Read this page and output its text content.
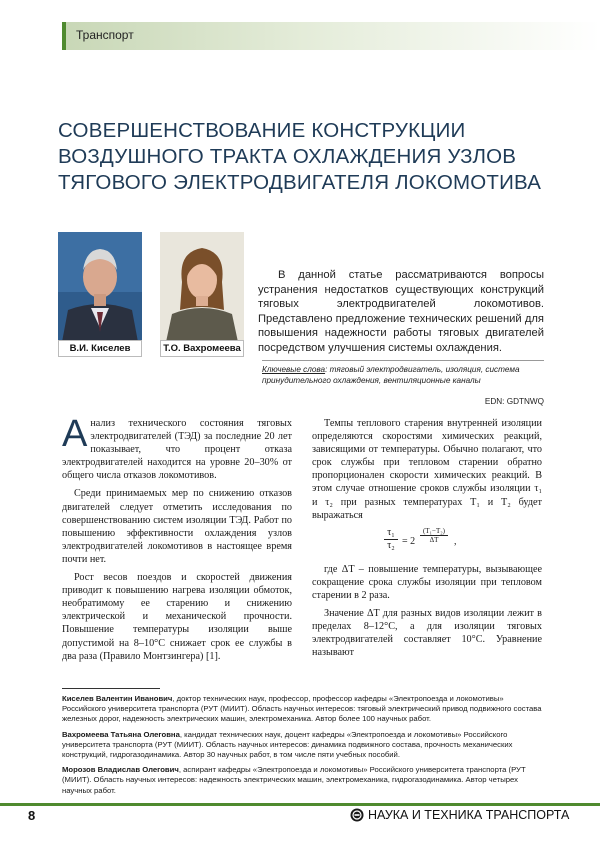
Транспорт
СОВЕРШЕНСТВОВАНИЕ КОНСТРУКЦИИ ВОЗДУШНОГО ТРАКТА ОХЛАЖДЕНИЯ УЗЛОВ ТЯГОВОГО ЭЛЕКТРОДВИГАТЕЛЯ ЛОКОМОТИВА
В.И. Киселев	Т.О. Вахромеева
В данной статье рассматриваются вопросы устранения недостатков существующих конструкций тяговых электродвигателей локомотивов. Представлено предложение технических решений для повышения надежности работы тяговых двигателей посредством улучшения системы охлаждения.
Ключевые слова: тяговый электродвигатель, изоляция, система принудительного охлаждения, вентиляционные каналы
EDN: GDTNWQ

Анализ технического состояния тяговых электродвигателей (ТЭД) за последние 20 лет показывает, что процент отказа электродвигателей находится на уровне 20–30% от общего числа отказов локомотивов.

Среди принимаемых мер по снижению отказов двигателей следует отметить исследования по совершенствованию систем изоляции ТЭД. Работ по повышению эффективности охлаждения узлов электродвигателей локомотивов в настоящее время почти нет.

Рост весов поездов и скоростей движения приводит к повышению нагрева изоляции обмоток, необратимому ее старению и снижению электрической и механической прочности. Повышение температуры изоляции выше допустимой на 8–10°С снижает срок ее службы в два раза (Правило Монтзингера) [1].

Темпы теплового старения внутренней изоляции определяются скоростями химических реакций, зависящими от температуры. Обычно полагают, что срок службы при тепловом старении обратно пропорционален скорости химических реакций. В этом случае отношение сроков службы изоляции τ₁ и τ₂ при разных температурах T₁ и T₂ будет выражаться

$\frac{\text{τ₁}}{\text{τ₂}} = 2 \frac{\text{(T₁−T₂)}}{\Delta T}$ ,

где ΔT – повышение температуры, вызывающее сокращение срока службы изоляции при тепловом старении в 2 раза.

Значение ΔT для разных видов изоляции лежит в пределах 8–12°С, а для изоляции тяговых электродвигателей составляет 10°С. Уравнение называют

Киселев Валентин Иванович, доктор технических наук, профессор, профессор кафедры «Электропоезда и локомотивы» Российского университета транспорта (РУТ (МИИТ). Область научных интересов: тяговый электрический привод подвижного состава железных дорог, надежность электрических машин, электромеханика. Автор более 100 научных работ.

Вахромеева Татьяна Олеговна, кандидат технических наук, доцент кафедры «Электропоезда и локомотивы» Российского университета транспорта (РУТ (МИИТ). Область научных интересов: динамика подвижного состава, прочность механических конструкций, гидрогазодинамика. Автор 30 научных работ, в том числе пяти учебных пособий.

Морозов Владислав Олегович, аспирант кафедры «Электропоезда и локомотивы» Российского университета транспорта (РУТ (МИИТ). Область научных интересов: надежность электрических машин, электромеханика, гидрогазодинамика. Автор четырех научных работ.

8	НАУКА И ТЕХНИКА ТРАНСПОРТА
